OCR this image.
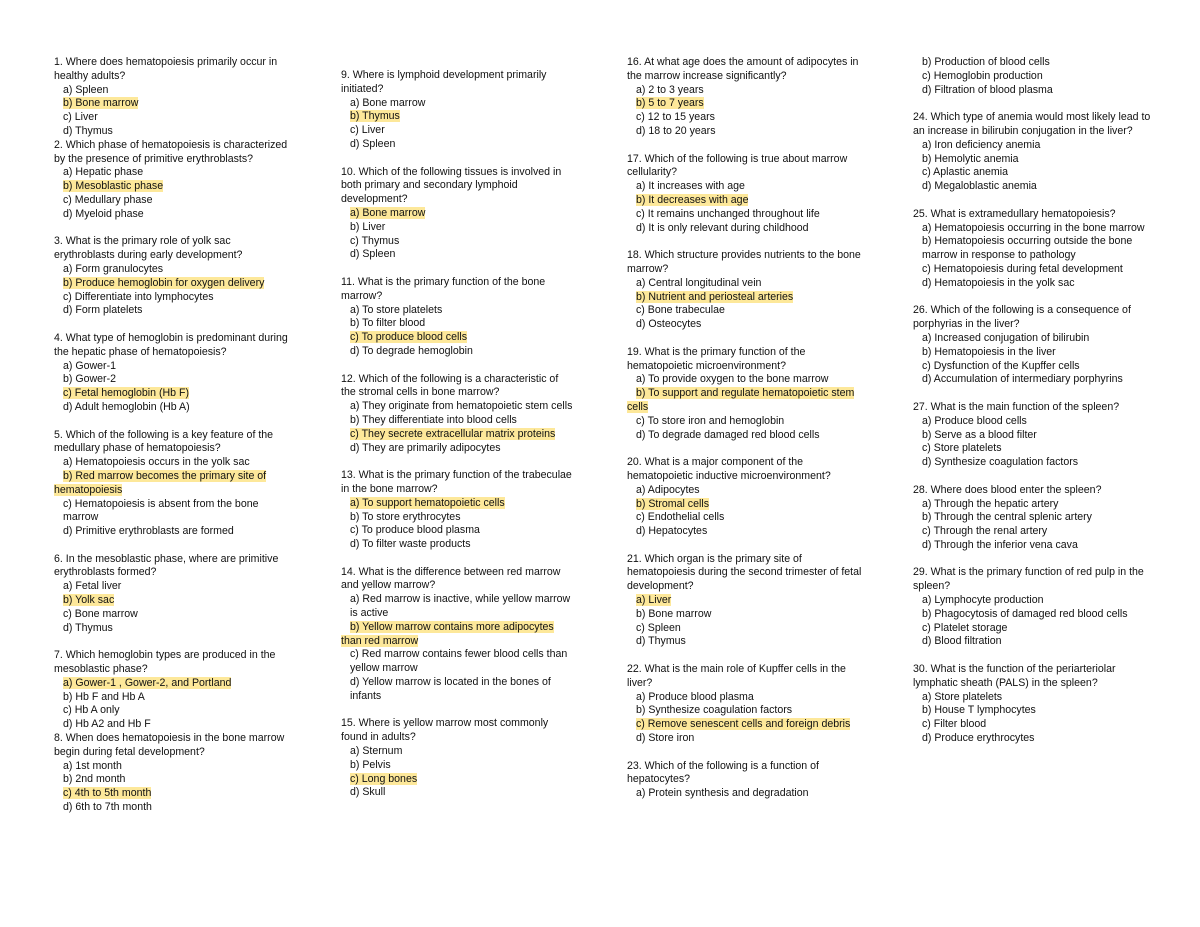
1. Where does hematopoiesis primarily occur in healthy adults?
a) Spleen
b) Bone marrow
c) Liver
d) Thymus
2. Which phase of hematopoiesis is characterized by the presence of primitive erythroblasts?
a) Hepatic phase
b) Mesoblastic phase
c) Medullary phase
d) Myeloid phase
3. What is the primary role of yolk sac erythroblasts during early development?
a) Form granulocytes
b) Produce hemoglobin for oxygen delivery
c) Differentiate into lymphocytes
d) Form platelets
4. What type of hemoglobin is predominant during the hepatic phase of hematopoiesis?
a) Gower-1
b) Gower-2
c) Fetal hemoglobin (Hb F)
d) Adult hemoglobin (Hb A)
5. Which of the following is a key feature of the medullary phase of hematopoiesis?
a) Hematopoiesis occurs in the yolk sac
b) Red marrow becomes the primary site of hematopoiesis
c) Hematopoiesis is absent from the bone marrow
d) Primitive erythroblasts are formed
6. In the mesoblastic phase, where are primitive erythroblasts formed?
a) Fetal liver
b) Yolk sac
c) Bone marrow
d) Thymus
7. Which hemoglobin types are produced in the mesoblastic phase?
a) Gower-1 , Gower-2, and Portland
b) Hb F and Hb A
c) Hb A only
d) Hb A2 and Hb F
8. When does hematopoiesis in the bone marrow begin during fetal development?
a) 1st month
b) 2nd month
c) 4th to 5th month
d) 6th to 7th month
9. Where is lymphoid development primarily initiated?
a) Bone marrow
b) Thymus
c) Liver
d) Spleen
10. Which of the following tissues is involved in both primary and secondary lymphoid development?
a) Bone marrow
b) Liver
c) Thymus
d) Spleen
11. What is the primary function of the bone marrow?
a) To store platelets
b) To filter blood
c) To produce blood cells
d) To degrade hemoglobin
12. Which of the following is a characteristic of the stromal cells in bone marrow?
a) They originate from hematopoietic stem cells
b) They differentiate into blood cells
c) They secrete extracellular matrix proteins
d) They are primarily adipocytes
13. What is the primary function of the trabeculae in the bone marrow?
a) To support hematopoietic cells
b) To store erythrocytes
c) To produce blood plasma
d) To filter waste products
14. What is the difference between red marrow and yellow marrow?
a) Red marrow is inactive, while yellow marrow is active
b) Yellow marrow contains more adipocytes than red marrow
c) Red marrow contains fewer blood cells than yellow marrow
d) Yellow marrow is located in the bones of infants
15. Where is yellow marrow most commonly found in adults?
a) Sternum
b) Pelvis
c) Long bones
d) Skull
16. At what age does the amount of adipocytes in the marrow increase significantly?
a) 2 to 3 years
b) 5 to 7 years
c) 12 to 15 years
d) 18 to 20 years
17. Which of the following is true about marrow cellularity?
a) It increases with age
b) It decreases with age
c) It remains unchanged throughout life
d) It is only relevant during childhood
18. Which structure provides nutrients to the bone marrow?
a) Central longitudinal vein
b) Nutrient and periosteal arteries
c) Bone trabeculae
d) Osteocytes
19. What is the primary function of the hematopoietic microenvironment?
a) To provide oxygen to the bone marrow
b) To support and regulate hematopoietic stem cells
c) To store iron and hemoglobin
d) To degrade damaged red blood cells
20. What is a major component of the hematopoietic inductive microenvironment?
a) Adipocytes
b) Stromal cells
c) Endothelial cells
d) Hepatocytes
21. Which organ is the primary site of hematopoiesis during the second trimester of fetal development?
a) Liver
b) Bone marrow
c) Spleen
d) Thymus
22. What is the main role of Kupffer cells in the liver?
a) Produce blood plasma
b) Synthesize coagulation factors
c) Remove senescent cells and foreign debris
d) Store iron
23. Which of the following is a function of hepatocytes?
a) Protein synthesis and degradation
b) Production of blood cells
c) Hemoglobin production
d) Filtration of blood plasma
24. Which type of anemia would most likely lead to an increase in bilirubin conjugation in the liver?
a) Iron deficiency anemia
b) Hemolytic anemia
c) Aplastic anemia
d) Megaloblastic anemia
25. What is extramedullary hematopoiesis?
a) Hematopoiesis occurring in the bone marrow
b) Hematopoiesis occurring outside the bone marrow in response to pathology
c) Hematopoiesis during fetal development
d) Hematopoiesis in the yolk sac
26. Which of the following is a consequence of porphyrias in the liver?
a) Increased conjugation of bilirubin
b) Hematopoiesis in the liver
c) Dysfunction of the Kupffer cells
d) Accumulation of intermediary porphyrins
27. What is the main function of the spleen?
a) Produce blood cells
b) Serve as a blood filter
c) Store platelets
d) Synthesize coagulation factors
28. Where does blood enter the spleen?
a) Through the hepatic artery
b) Through the central splenic artery
c) Through the renal artery
d) Through the inferior vena cava
29. What is the primary function of red pulp in the spleen?
a) Lymphocyte production
b) Phagocytosis of damaged red blood cells
c) Platelet storage
d) Blood filtration
30. What is the function of the periarteriolar lymphatic sheath (PALS) in the spleen?
a) Store platelets
b) House T lymphocytes
c) Filter blood
d) Produce erythrocytes
